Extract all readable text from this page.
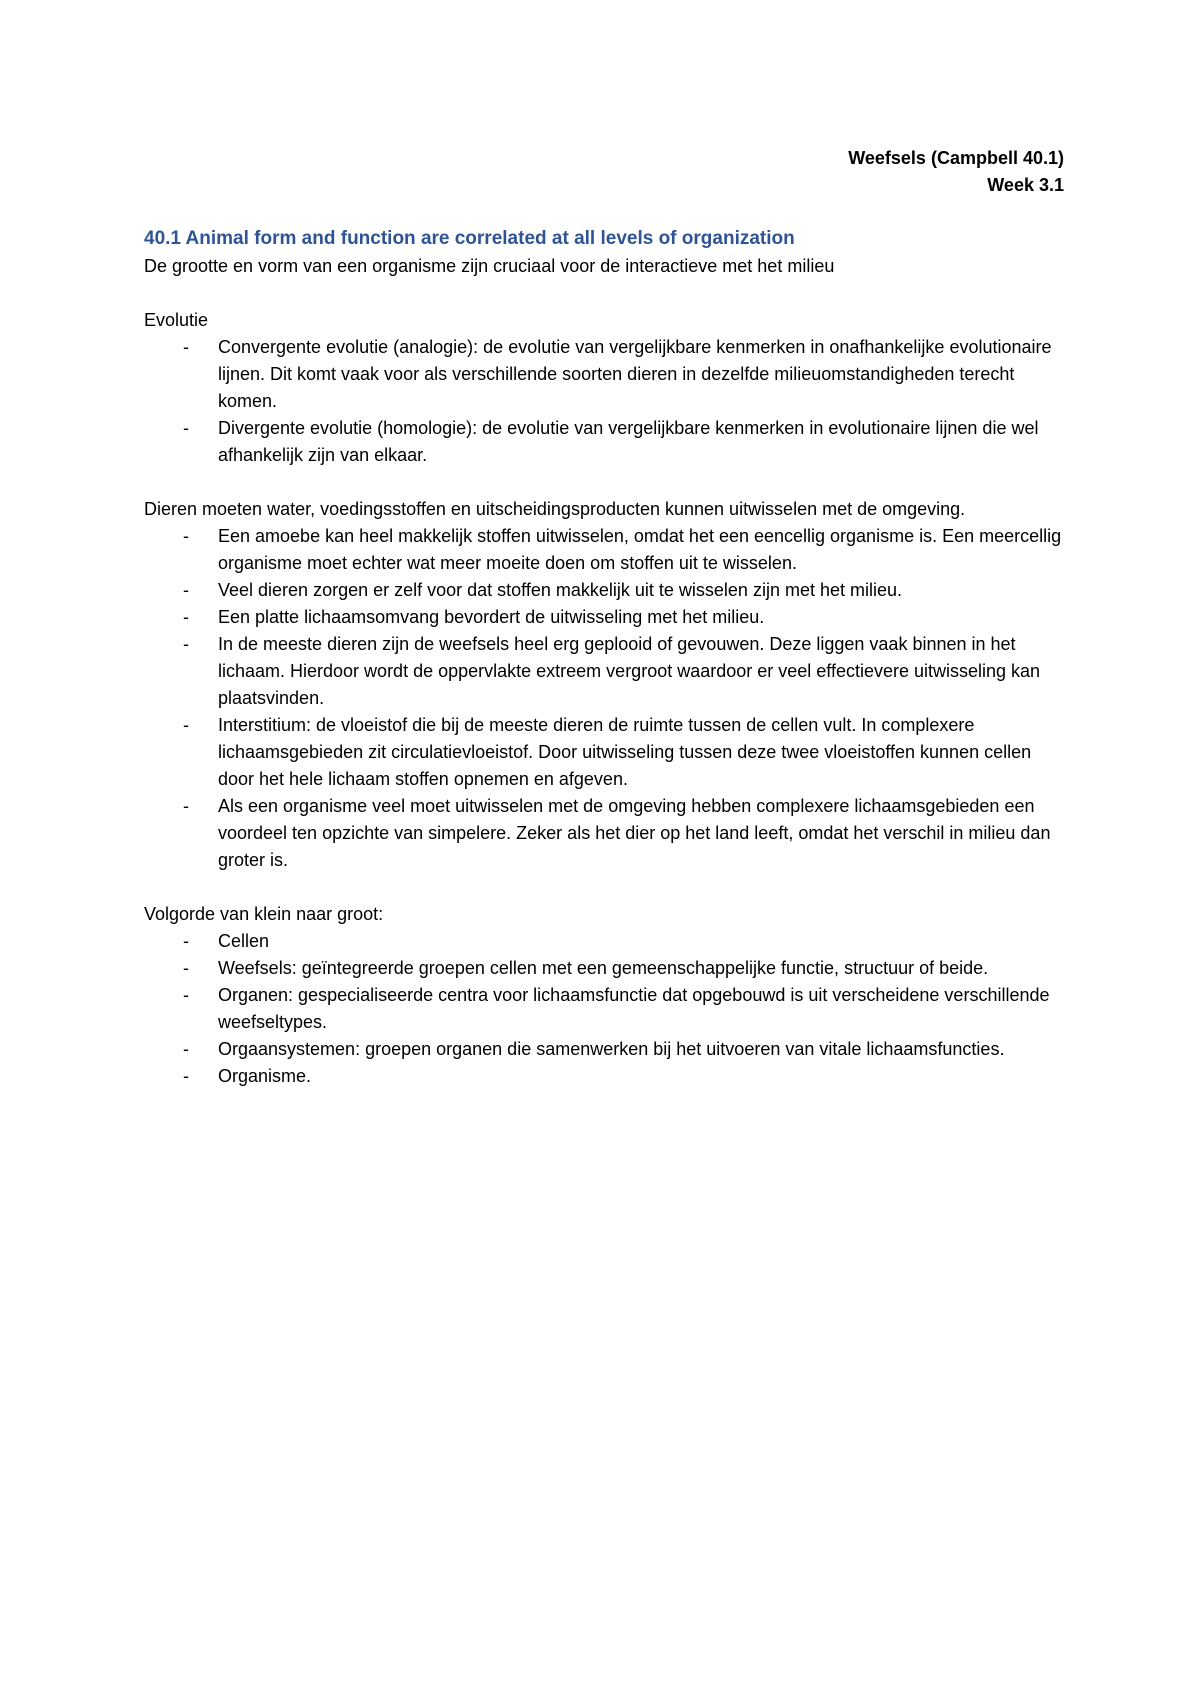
Weefsels (Campbell 40.1)
Week 3.1

40.1 Animal form and function are correlated at all levels of organization

De grootte en vorm van een organisme zijn cruciaal voor de interactieve met het milieu

Evolutie

- Convergente evolutie (analogie): de evolutie van vergelijkbare kenmerken in onafhankelijke evolutionaire lijnen. Dit komt vaak voor als verschillende soorten dieren in dezelfde milieuomstandigheden terecht komen.
- Divergente evolutie (homologie): de evolutie van vergelijkbare kenmerken in evolutionaire lijnen die wel afhankelijk zijn van elkaar.

Dieren moeten water, voedingsstoffen en uitscheidingsproducten kunnen uitwisselen met de omgeving.

- Een amoebe kan heel makkelijk stoffen uitwisselen, omdat het een eencellig organisme is. Een meercellig organisme moet echter wat meer moeite doen om stoffen uit te wisselen.
- Veel dieren zorgen er zelf voor dat stoffen makkelijk uit te wisselen zijn met het milieu.
- Een platte lichaamsomvang bevordert de uitwisseling met het milieu.
- In de meeste dieren zijn de weefsels heel erg geplooid of gevouwen. Deze liggen vaak binnen in het lichaam. Hierdoor wordt de oppervlakte extreem vergroot waardoor er veel effectievere uitwisseling kan plaatsvinden.
- Interstitium: de vloeistof die bij de meeste dieren de ruimte tussen de cellen vult. In complexere lichaamsgebieden zit circulatievloeistof. Door uitwisseling tussen deze twee vloeistoffen kunnen cellen door het hele lichaam stoffen opnemen en afgeven.
- Als een organisme veel moet uitwisselen met de omgeving hebben complexere lichaamsgebieden een voordeel ten opzichte van simpelere. Zeker als het dier op het land leeft, omdat het verschil in milieu dan groter is.

Volgorde van klein naar groot:

- Cellen
- Weefsels: geïntegreerde groepen cellen met een gemeenschappelijke functie, structuur of beide.
- Organen: gespecialiseerde centra voor lichaamsfunctie dat opgebouwd is uit verscheidene verschillende weefseltypes.
- Orgaansystemen: groepen organen die samenwerken bij het uitvoeren van vitale lichaamsfuncties.
- Organisme.
